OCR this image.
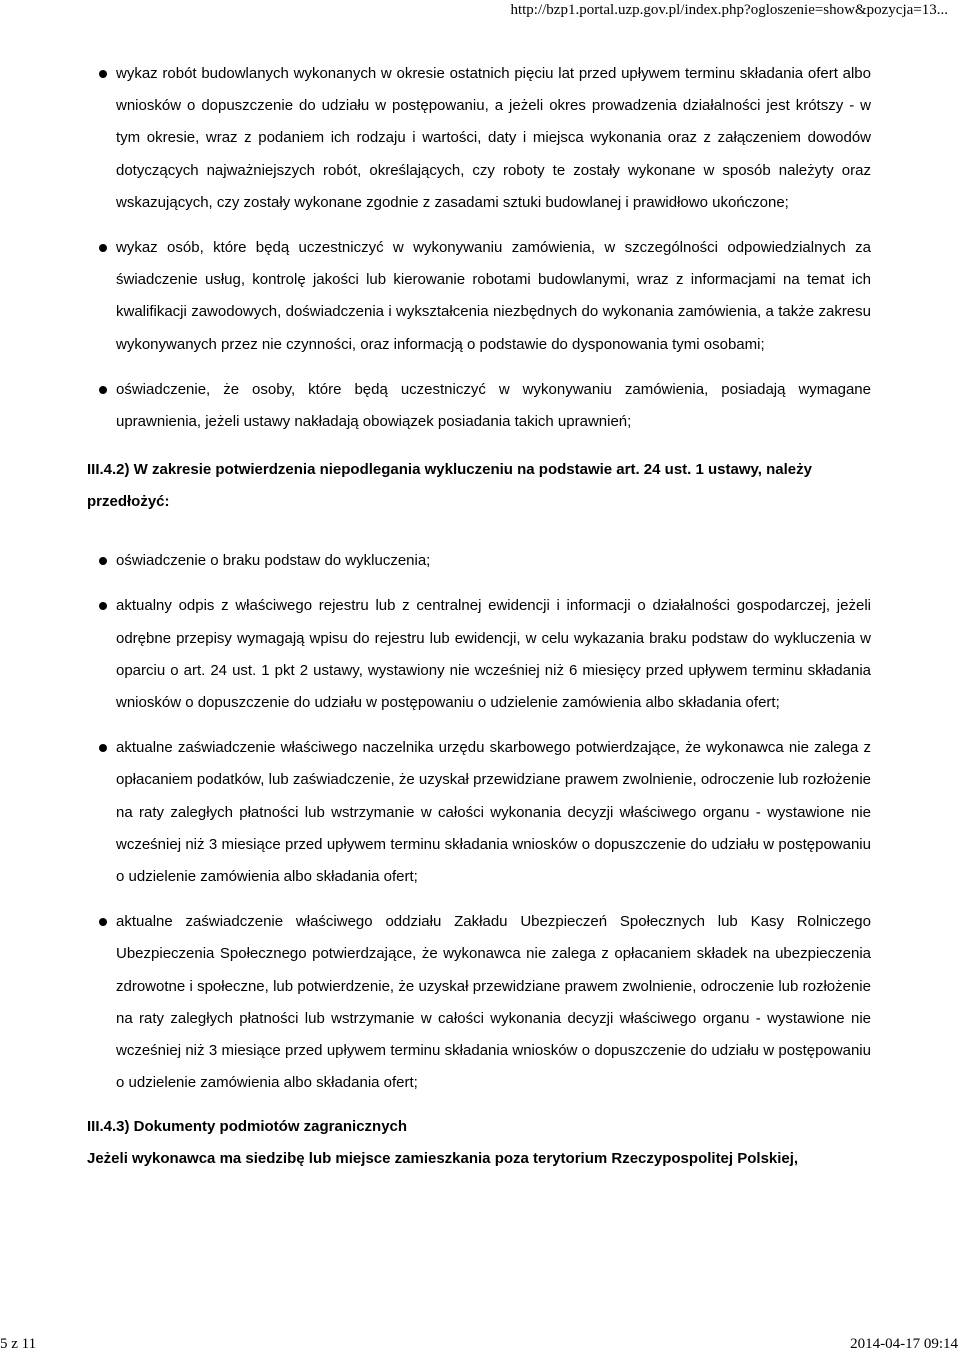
http://bzp1.portal.uzp.gov.pl/index.php?ogloszenie=show&pozycja=13...
wykaz robót budowlanych wykonanych w okresie ostatnich pięciu lat przed upływem terminu składania ofert albo wniosków o dopuszczenie do udziału w postępowaniu, a jeżeli okres prowadzenia działalności jest krótszy - w tym okresie, wraz z podaniem ich rodzaju i wartości, daty i miejsca wykonania oraz z załączeniem dowodów dotyczących najważniejszych robót, określających, czy roboty te zostały wykonane w sposób należyty oraz wskazujących, czy zostały wykonane zgodnie z zasadami sztuki budowlanej i prawidłowo ukończone;
wykaz osób, które będą uczestniczyć w wykonywaniu zamówienia, w szczególności odpowiedzialnych za świadczenie usług, kontrolę jakości lub kierowanie robotami budowlanymi, wraz z informacjami na temat ich kwalifikacji zawodowych, doświadczenia i wykształcenia niezbędnych do wykonania zamówienia, a także zakresu wykonywanych przez nie czynności, oraz informacją o podstawie do dysponowania tymi osobami;
oświadczenie, że osoby, które będą uczestniczyć w wykonywaniu zamówienia, posiadają wymagane uprawnienia, jeżeli ustawy nakładają obowiązek posiadania takich uprawnień;

III.4.2) W zakresie potwierdzenia niepodlegania wykluczeniu na podstawie art. 24 ust. 1 ustawy, należy przedłożyć:

oświadczenie o braku podstaw do wykluczenia;
aktualny odpis z właściwego rejestru lub z centralnej ewidencji i informacji o działalności gospodarczej, jeżeli odrębne przepisy wymagają wpisu do rejestru lub ewidencji, w celu wykazania braku podstaw do wykluczenia w oparciu o art. 24 ust. 1 pkt 2 ustawy, wystawiony nie wcześniej niż 6 miesięcy przed upływem terminu składania wniosków o dopuszczenie do udziału w postępowaniu o udzielenie zamówienia albo składania ofert;
aktualne zaświadczenie właściwego naczelnika urzędu skarbowego potwierdzające, że wykonawca nie zalega z opłacaniem podatków, lub zaświadczenie, że uzyskał przewidziane prawem zwolnienie, odroczenie lub rozłożenie na raty zaległych płatności lub wstrzymanie w całości wykonania decyzji właściwego organu - wystawione nie wcześniej niż 3 miesiące przed upływem terminu składania wniosków o dopuszczenie do udziału w postępowaniu o udzielenie zamówienia albo składania ofert;
aktualne zaświadczenie właściwego oddziału Zakładu Ubezpieczeń Społecznych lub Kasy Rolniczego Ubezpieczenia Społecznego potwierdzające, że wykonawca nie zalega z opłacaniem składek na ubezpieczenia zdrowotne i społeczne, lub potwierdzenie, że uzyskał przewidziane prawem zwolnienie, odroczenie lub rozłożenie na raty zaległych płatności lub wstrzymanie w całości wykonania decyzji właściwego organu - wystawione nie wcześniej niż 3 miesiące przed upływem terminu składania wniosków o dopuszczenie do udziału w postępowaniu o udzielenie zamówienia albo składania ofert;

III.4.3) Dokumenty podmiotów zagranicznych

Jeżeli wykonawca ma siedzibę lub miejsce zamieszkania poza terytorium Rzeczypospolitej Polskiej,

5 z 11	2014-04-17 09:14
